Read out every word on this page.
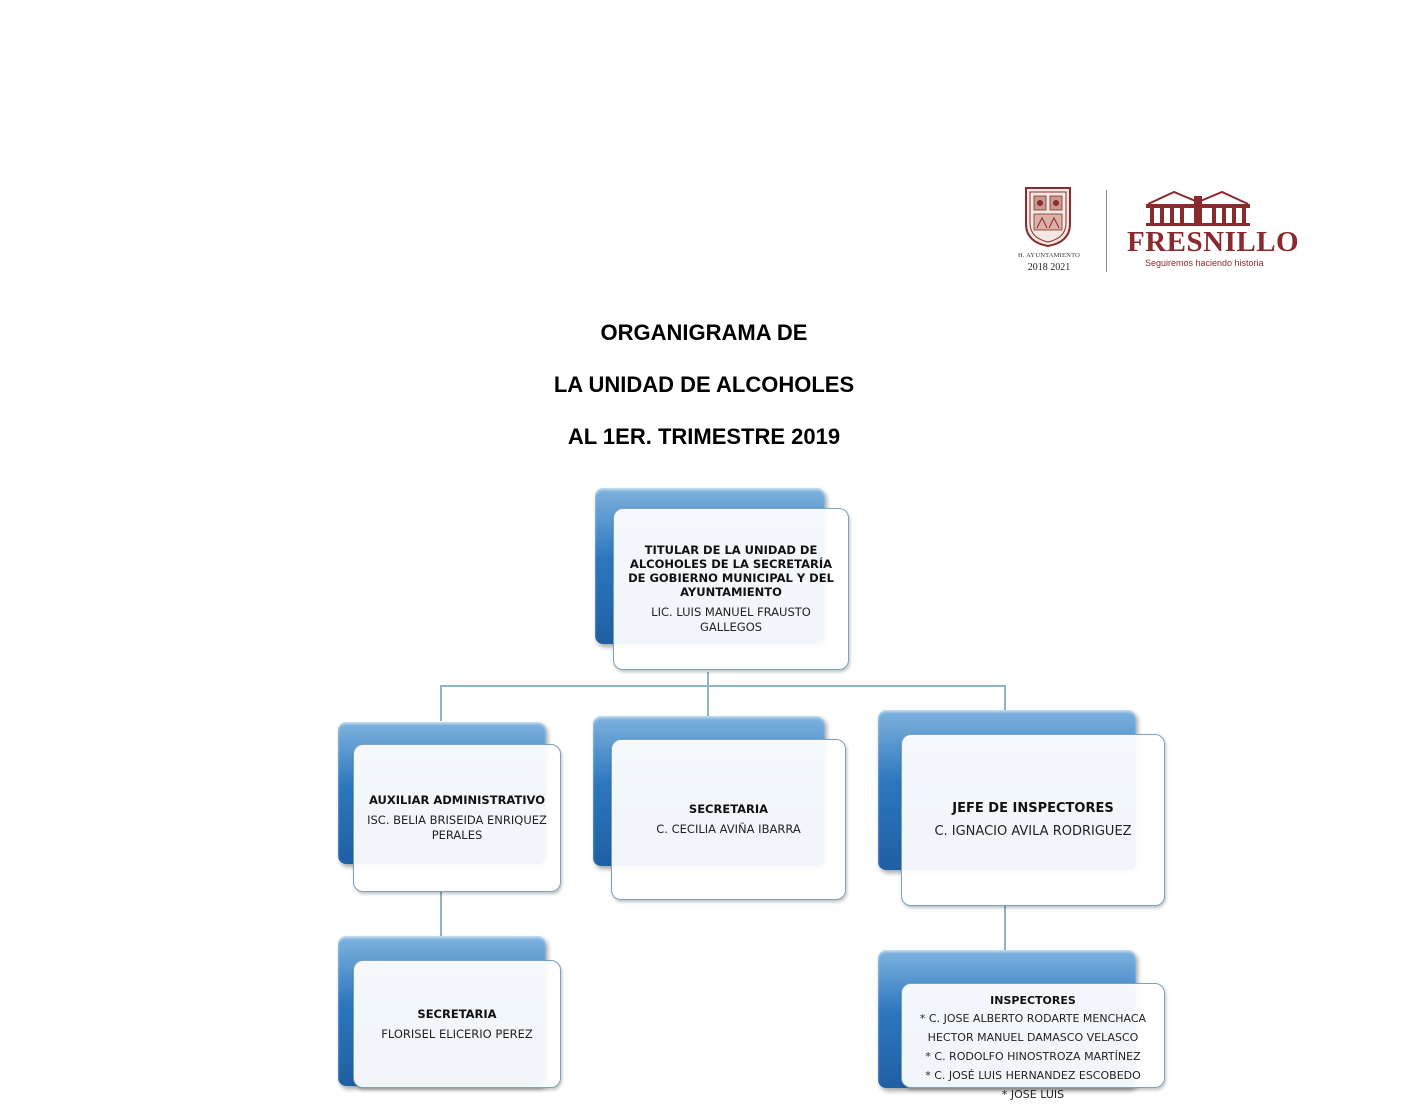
H. AYUNTAMIENTO
2018 2021
FRESNILLO
Seguiremos haciendo historia
ORGANIGRAMA DE
LA UNIDAD DE ALCOHOLES
AL 1ER. TRIMESTRE 2019
TITULAR DE LA UNIDAD DE ALCOHOLES DE LA SECRETARÍA DE GOBIERNO MUNICIPAL Y DEL AYUNTAMIENTO
LIC. LUIS MANUEL FRAUSTO GALLEGOS
AUXILIAR ADMINISTRATIVO
ISC. BELIA BRISEIDA ENRIQUEZ PERALES
SECRETARIA
C. CECILIA AVIÑA IBARRA
JEFE DE INSPECTORES
C. IGNACIO AVILA RODRIGUEZ
SECRETARIA
FLORISEL ELICERIO PEREZ
INSPECTORES
* C. JOSE ALBERTO RODARTE MENCHACA
HECTOR MANUEL DAMASCO VELASCO
* C. RODOLFO HINOSTROZA MARTÍNEZ
* C. JOSÉ LUIS HERNANDEZ ESCOBEDO
* JOSE LUIS
